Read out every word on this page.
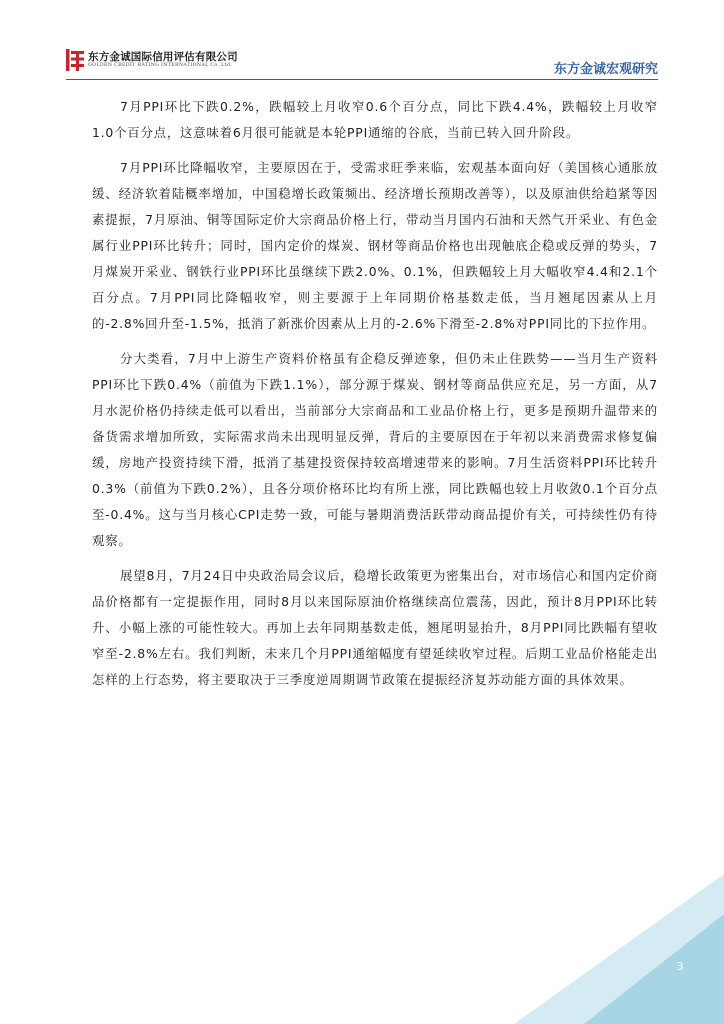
东方金诚国际信用评估有限公司
GOLDEN CREDIT RATING INTERNATIONAL Co.,Ltd.	东方金诚宏观研究

7月PPI环比下跌0.2%，跌幅较上月收窄0.6个百分点，同比下跌4.4%，跌幅较上月收窄1.0个百分点，这意味着6月很可能就是本轮PPI通缩的谷底，当前已转入回升阶段。

7月PPI环比降幅收窄，主要原因在于，受需求旺季来临，宏观基本面向好（美国核心通胀放缓、经济软着陆概率增加，中国稳增长政策频出、经济增长预期改善等），以及原油供给趋紧等因素提振，7月原油、铜等国际定价大宗商品价格上行，带动当月国内石油和天然气开采业、有色金属行业PPI环比转升；同时，国内定价的煤炭、钢材等商品价格也出现触底企稳或反弹的势头，7月煤炭开采业、钢铁行业PPI环比虽继续下跌2.0%、0.1%，但跌幅较上月大幅收窄4.4和2.1个百分点。7月PPI同比降幅收窄，则主要源于上年同期价格基数走低，当月翘尾因素从上月的-2.8%回升至-1.5%，抵消了新涨价因素从上月的-2.6%下滑至-2.8%对PPI同比的下拉作用。

分大类看，7月中上游生产资料价格虽有企稳反弹迹象，但仍未止住跌势——当月生产资料PPI环比下跌0.4%（前值为下跌1.1%），部分源于煤炭、钢材等商品供应充足，另一方面，从7月水泥价格仍持续走低可以看出，当前部分大宗商品和工业品价格上行，更多是预期升温带来的备货需求增加所致，实际需求尚未出现明显反弹，背后的主要原因在于年初以来消费需求修复偏缓，房地产投资持续下滑，抵消了基建投资保持较高增速带来的影响。7月生活资料PPI环比转升0.3%（前值为下跌0.2%），且各分项价格环比均有所上涨，同比跌幅也较上月收敛0.1个百分点至-0.4%。这与当月核心CPI走势一致，可能与暑期消费活跃带动商品提价有关，可持续性仍有待观察。

展望8月，7月24日中央政治局会议后，稳增长政策更为密集出台，对市场信心和国内定价商品价格都有一定提振作用，同时8月以来国际原油价格继续高位震荡，因此，预计8月PPI环比转升、小幅上涨的可能性较大。再加上去年同期基数走低，翘尾明显抬升，8月PPI同比跌幅有望收窄至-2.8%左右。我们判断，未来几个月PPI通缩幅度有望延续收窄过程。后期工业品价格能走出怎样的上行态势，将主要取决于三季度逆周期调节政策在提振经济复苏动能方面的具体效果。

3
